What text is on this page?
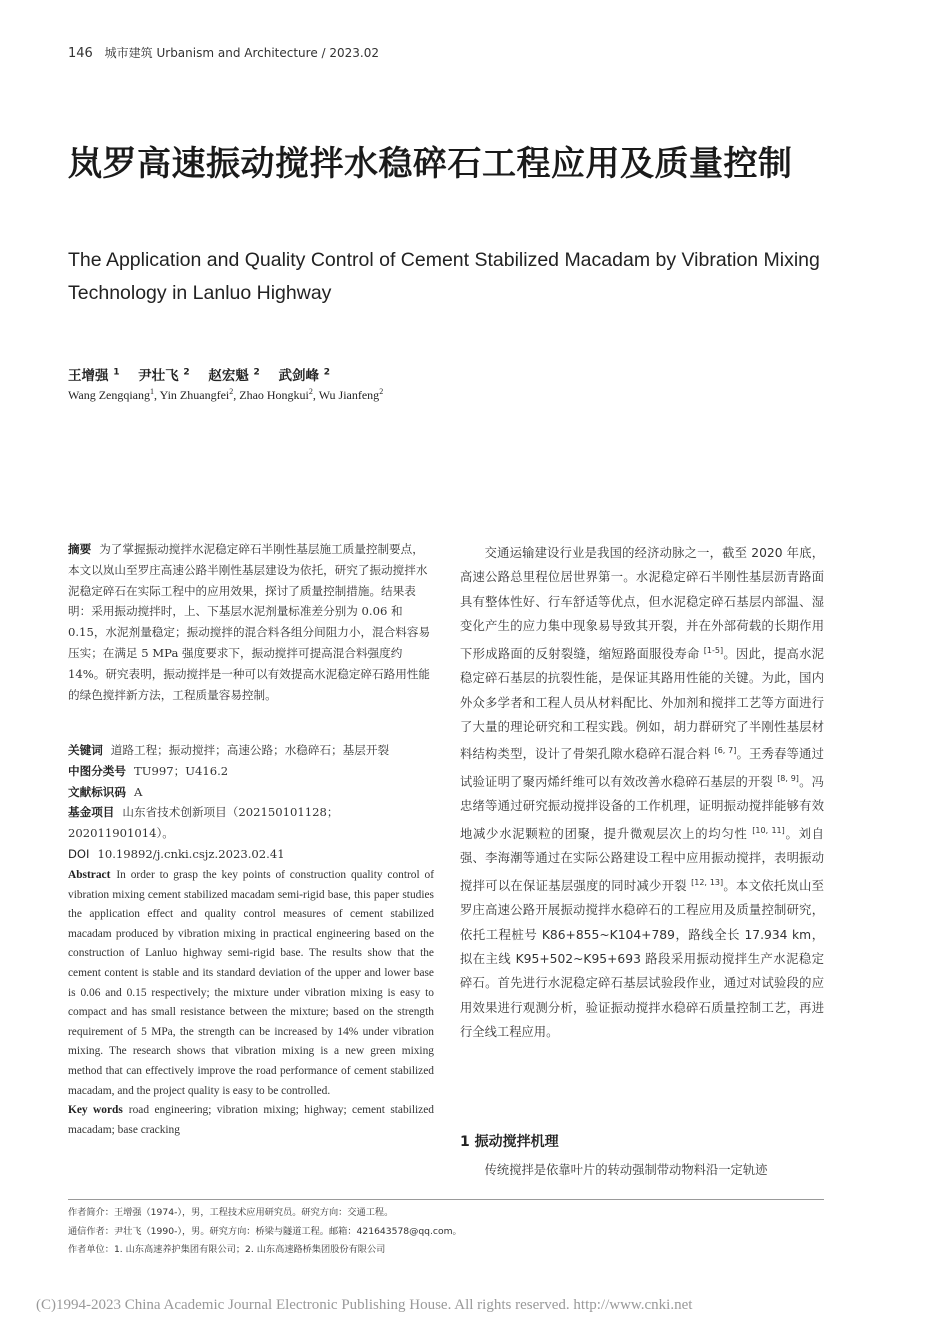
146 城市建筑 Urbanism and Architecture / 2023.02
岚罗高速振动搅拌水稳碎石工程应用及质量控制
The Application and Quality Control of Cement Stabilized Macadam by Vibration Mixing Technology in Lanluo Highway
王增强 $^1$ 尹壮飞 $^2$ 赵宏魁 $^2$ 武剑峰 $^2$
Wang Zengqiang$^1$, Yin Zhuangfei$^2$, Zhao Hongkui$^2$, Wu Jianfeng$^2$
摘要 为了掌握振动搅拌水泥稳定碎石半刚性基层施工质量控制要点，本文以岚山至罗庄高速公路半刚性基层建设为依托，研究了振动搅拌水泥稳定碎石在实际工程中的应用效果，探讨了质量控制措施。结果表明：采用振动搅拌时，上、下基层水泥剂量标准差分别为 0.06 和 0.15，水泥剂量稳定；振动搅拌的混合料各组分间阻力小，混合料容易压实；在满足 5 MPa 强度要求下，振动搅拌可提高混合料强度约 14%。研究表明，振动搅拌是一种可以有效提高水泥稳定碎石路用性能的绿色搅拌新方法，工程质量容易控制。
关键词 道路工程；振动搅拌；高速公路；水稳碎石；基层开裂
中图分类号 TU997；U416.2
文献标识码 A
基金项目 山东省技术创新项目（202150101128；202011901014）。
DOI 10.19892/j.cnki.csjz.2023.02.41
Abstract In order to grasp the key points of construction quality control of vibration mixing cement stabilized macadam semi-rigid base, this paper studies the application effect and quality control measures of cement stabilized macadam produced by vibration mixing in practical engineering based on the construction of Lanluo highway semi-rigid base. The results show that the cement content is stable and its standard deviation of the upper and lower base is 0.06 and 0.15 respectively; the mixture under vibration mixing is easy to compact and has small resistance between the mixture; based on the strength requirement of 5 MPa, the strength can be increased by 14% under vibration mixing. The research shows that vibration mixing is a new green mixing method that can effectively improve the road performance of cement stabilized macadam, and the project quality is easy to be controlled.
Key words road engineering; vibration mixing; highway; cement stabilized macadam; base cracking

交通运输建设行业是我国的经济动脉之一，截至 2020 年底，高速公路总里程位居世界第一。水泥稳定碎石半刚性基层沥青路面具有整体性好、行车舒适等优点，但水泥稳定碎石基层内部温、湿变化产生的应力集中现象易导致其开裂，并在外部荷载的长期作用下形成路面的反射裂缝，缩短路面服役寿命 [1-5]。因此，提高水泥稳定碎石基层的抗裂性能，是保证其路用性能的关键。为此，国内外众多学者和工程人员从材料配比、外加剂和搅拌工艺等方面进行了大量的理论研究和工程实践。例如，胡力群研究了半刚性基层材料结构类型，设计了骨架孔隙水稳碎石混合料 [6, 7]。王秀春等通过试验证明了聚丙烯纤维可以有效改善水稳碎石基层的开裂 [8, 9]。冯忠绪等通过研究振动搅拌设备的工作机理，证明振动搅拌能够有效地减少水泥颗粒的团聚，提升微观层次上的均匀性 [10, 11]。刘自强、李海潮等通过在实际公路建设工程中应用振动搅拌，表明振动搅拌可以在保证基层强度的同时减少开裂 [12, 13]。本文依托岚山至罗庄高速公路开展振动搅拌水稳碎石的工程应用及质量控制研究，依托工程桩号 K86+855~K104+789，路线全长 17.934 km，拟在主线 K95+502~K95+693 路段采用振动搅拌生产水泥稳定碎石。首先进行水泥稳定碎石基层试验段作业，通过对试验段的应用效果进行观测分析，验证振动搅拌水稳碎石质量控制工艺，再进行全线工程应用。

1 振动搅拌机理
传统搅拌是依靠叶片的转动强制带动物料沿一定轨迹
作者简介：王增强（1974-），男，工程技术应用研究员。研究方向：交通工程。
通信作者：尹壮飞（1990-），男。研究方向：桥梁与隧道工程。邮箱：421643578@qq.com。
作者单位：1. 山东高速养护集团有限公司；2. 山东高速路桥集团股份有限公司
(C)1994-2023 China Academic Journal Electronic Publishing House. All rights reserved. http://www.cnki.net
